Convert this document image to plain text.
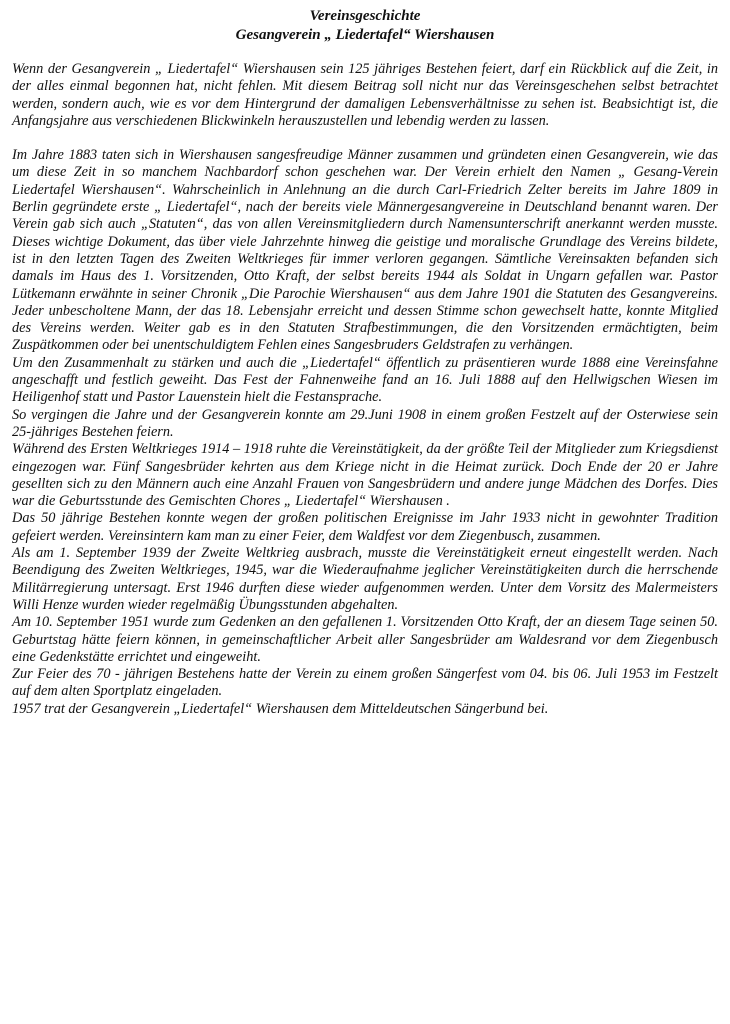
Vereinsgeschichte
Gesangverein „ Liedertafel“ Wiershausen

Wenn der Gesangverein „ Liedertafel“ Wiershausen sein 125 jähriges Bestehen feiert, darf ein Rückblick auf die Zeit, in der alles einmal begonnen hat, nicht fehlen. Mit diesem Beitrag soll nicht nur das Vereinsgeschehen selbst betrachtet werden, sondern auch, wie es vor dem Hintergrund der damaligen Lebensverhältnisse zu sehen ist. Beabsichtigt ist, die Anfangsjahre aus verschiedenen Blickwinkeln herauszustellen und lebendig werden zu lassen.

Im Jahre 1883 taten sich in Wiershausen sangesfreudige Männer zusammen und gründeten einen Gesangverein, wie das um diese Zeit in so manchem Nachbardorf schon geschehen war. Der Verein erhielt den Namen „ Gesang-Verein Liedertafel Wiershausen“. Wahrscheinlich in Anlehnung an die durch Carl-Friedrich Zelter bereits im Jahre 1809 in Berlin gegründete erste „ Liedertafel“, nach der bereits viele Männergesangvereine in Deutschland benannt waren. Der Verein gab sich auch „Statuten“, das von allen Vereinsmitgliedern durch Namensunterschrift anerkannt werden musste. Dieses wichtige Dokument, das über viele Jahrzehnte hinweg die geistige und moralische Grundlage des Vereins bildete, ist in den letzten Tagen des Zweiten Weltkrieges für immer verloren gegangen. Sämtliche Vereinsakten befanden sich damals im Haus des 1. Vorsitzenden, Otto Kraft, der selbst bereits 1944 als Soldat in Ungarn gefallen war. Pastor Lütkemann erwähnte in seiner Chronik „Die Parochie Wiershausen“ aus dem Jahre 1901 die Statuten des Gesangvereins. Jeder unbescholtene Mann, der das 18. Lebensjahr erreicht und dessen Stimme schon gewechselt hatte, konnte Mitglied des Vereins werden. Weiter gab es in den Statuten Strafbestimmungen, die den Vorsitzenden ermächtigten, beim Zuspätkommen oder bei unentschuldigtem Fehlen eines Sangesbruders Geldstrafen zu verhängen.

Um den Zusammenhalt zu stärken und auch die „Liedertafel“ öffentlich zu präsentieren wurde 1888 eine Vereinsfahne angeschafft und festlich geweiht. Das Fest der Fahnenweihe fand an 16. Juli 1888 auf den Hellwigschen Wiesen im Heiligenhof statt und Pastor Lauenstein hielt die Festansprache.

So vergingen die Jahre und der Gesangverein konnte am 29.Juni 1908 in einem großen Festzelt auf der Osterwiese sein 25-jähriges Bestehen feiern.

Während des Ersten Weltkrieges 1914 – 1918 ruhte die Vereinstätigkeit, da der größte Teil der Mitglieder zum Kriegsdienst eingezogen war. Fünf Sangesbrüder kehrten aus dem Kriege nicht in die Heimat zurück. Doch Ende der 20 er Jahre gesellten sich zu den Männern auch eine Anzahl Frauen von Sangesbrüdern und andere junge Mädchen des Dorfes. Dies war die Geburtsstunde des Gemischten Chores „ Liedertafel“ Wiershausen .

Das 50 jährige Bestehen konnte wegen der großen politischen Ereignisse im Jahr 1933 nicht in gewohnter Tradition gefeiert werden. Vereinsintern kam man zu einer Feier, dem Waldfest vor dem Ziegenbusch, zusammen.

Als am 1. September 1939 der Zweite Weltkrieg ausbrach, musste die Vereinstätigkeit erneut eingestellt werden. Nach Beendigung des Zweiten Weltkrieges, 1945, war die Wiederaufnahme jeglicher Vereinstätigkeiten durch die herrschende Militärregierung untersagt. Erst 1946 durften diese wieder aufgenommen werden. Unter dem Vorsitz des Malermeisters Willi Henze wurden wieder regelmäßig Übungsstunden abgehalten.

Am 10. September 1951 wurde zum Gedenken an den gefallenen 1. Vorsitzenden Otto Kraft, der an diesem Tage seinen 50. Geburtstag hätte feiern können, in gemeinschaftlicher Arbeit aller Sangesbrüder am Waldesrand vor dem Ziegenbusch eine Gedenkstätte errichtet und eingeweiht.

Zur Feier des 70 - jährigen Bestehens hatte der Verein zu einem großen Sängerfest vom 04. bis 06. Juli 1953 im Festzelt auf dem alten Sportplatz eingeladen.

1957 trat der Gesangverein „Liedertafel“ Wiershausen dem Mitteldeutschen Sängerbund bei.
